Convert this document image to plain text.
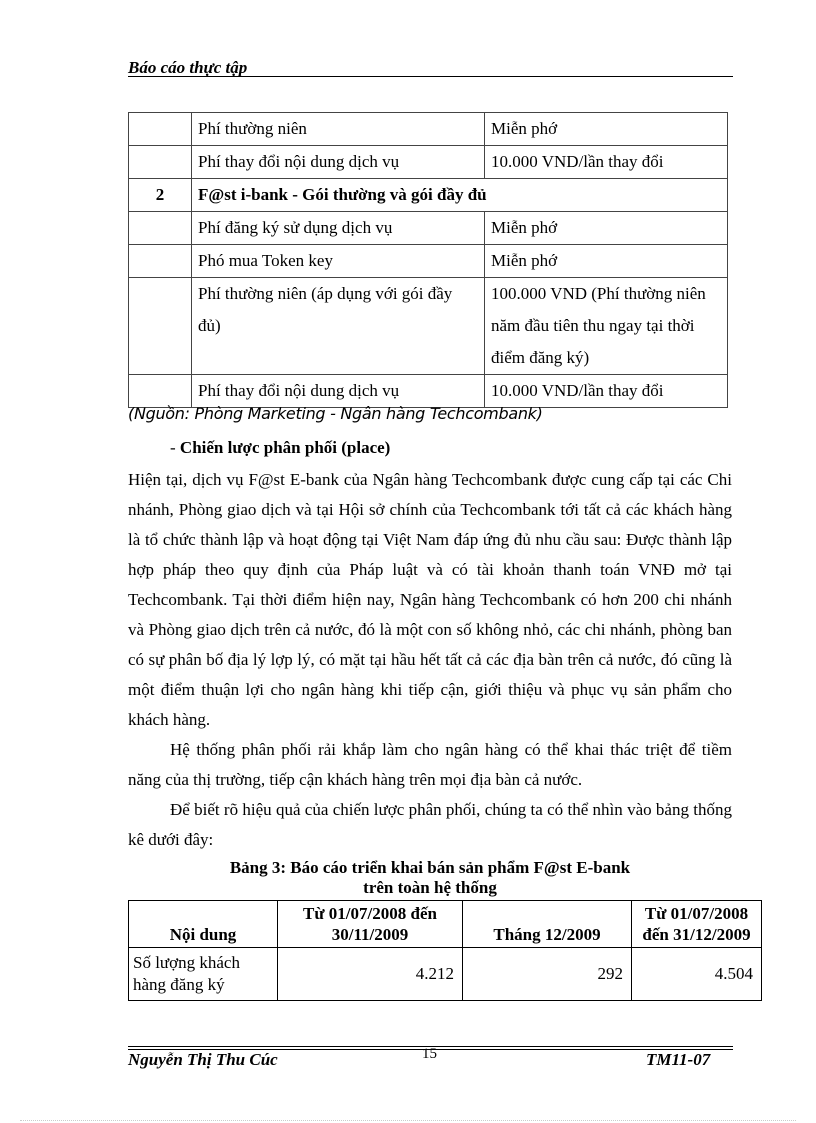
Báo cáo thực tập
	Phí thường niên	Miễn phớ
	Phí thay đổi nội dung dịch vụ	10.000 VND/lần thay đổi
2	F@st i-bank - Gói thường và gói đầy đủ	
	Phí đăng ký sử dụng dịch vụ	Miễn phớ
	Phó mua Token key	Miễn phớ
	Phí thường niên (áp dụng với gói đầy đủ)	100.000 VND (Phí thường niên năm đầu tiên thu ngay tại thời điểm đăng ký)
	Phí thay đổi nội dung dịch vụ	10.000 VND/lần thay đổi
(Nguồn: Phòng Marketing - Ngân hàng Techcombank)
- Chiến lược phân phối (place)
Hiện tại, dịch vụ F@st E-bank của Ngân hàng Techcombank được cung cấp tại các Chi nhánh, Phòng giao dịch và tại Hội sở chính của Techcombank tới tất cả các khách hàng là tổ chức thành lập và hoạt động tại Việt Nam đáp ứng đủ nhu cầu sau: Được thành lập hợp pháp theo quy định của Pháp luật và có tài khoản thanh toán VNĐ mở tại Techcombank. Tại thời điểm hiện nay, Ngân hàng Techcombank có hơn 200 chi nhánh và Phòng giao dịch trên cả nước, đó là một con số không nhỏ, các chi nhánh, phòng ban có sự phân bố địa lý lợp lý, có mặt tại hầu hết tất cả các địa bàn trên cả nước, đó cũng là một điểm thuận lợi cho ngân hàng khi tiếp cận, giới thiệu và phục vụ sản phẩm cho khách hàng.
Hệ thống phân phối rải khắp làm cho ngân hàng có thể khai thác triệt để tiềm năng của thị trường, tiếp cận khách hàng trên mọi địa bàn cả nước.
Để biết rõ hiệu quả của chiến lược phân phối, chúng ta có thể nhìn vào bảng thống kê dưới đây:
Bảng 3: Báo cáo triển khai bán sản phẩm F@st E-bank
trên toàn hệ thống
Nội dung	Từ 01/07/2008 đến 30/11/2009	Tháng 12/2009	Từ 01/07/2008 đến 31/12/2009
Số lượng khách hàng đăng ký	4.212	292	4.504
Nguyễn Thị Thu Cúc	15	TM11-07
